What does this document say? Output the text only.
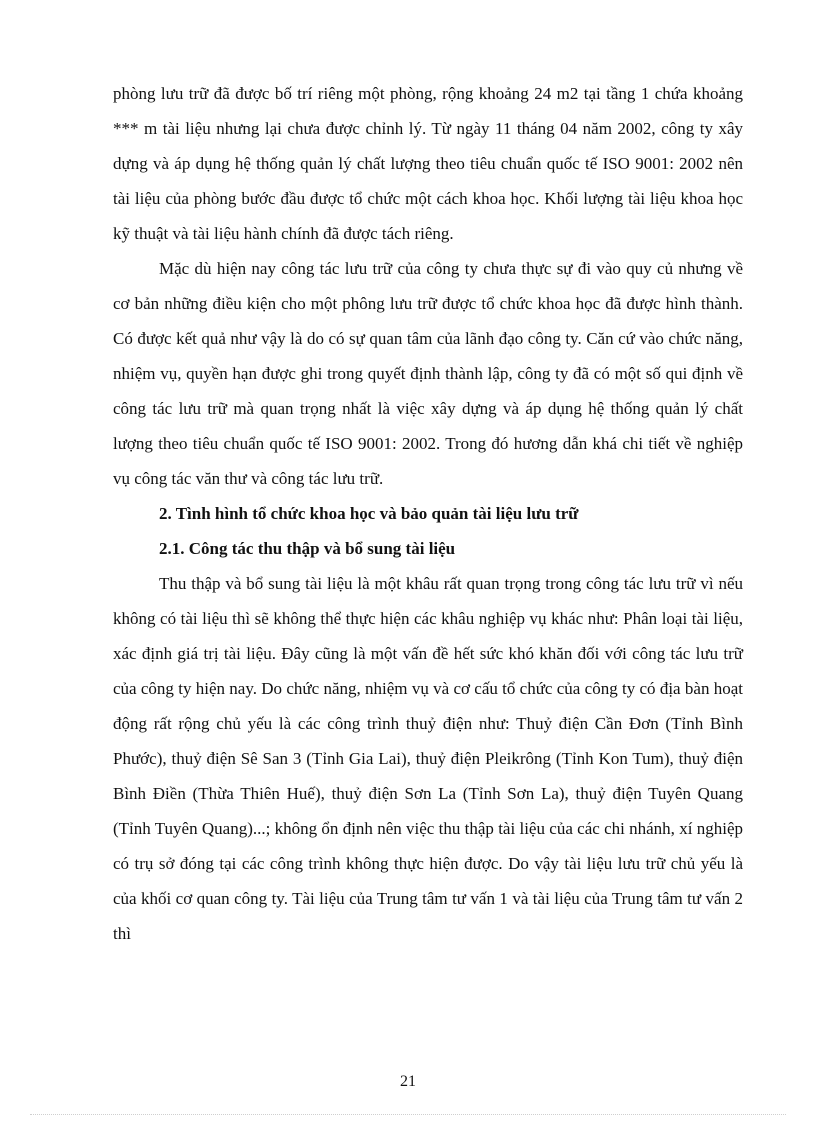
phòng lưu trữ đã được bố trí riêng một phòng, rộng khoảng 24 m2 tại tầng 1 chứa khoảng *** m tài liệu nhưng lại chưa được chỉnh lý. Từ ngày 11 tháng 04 năm 2002, công ty xây dựng và áp dụng hệ thống quản lý chất lượng theo tiêu chuẩn quốc tế ISO 9001: 2002 nên tài liệu của phòng bước đầu được tổ chức một cách khoa học. Khối lượng tài liệu khoa học kỹ thuật và tài liệu hành chính đã được tách riêng.

Mặc dù hiện nay công tác lưu trữ của công ty chưa thực sự đi vào quy củ nhưng về cơ bản những điều kiện cho một phông lưu trữ được tổ chức khoa học đã được hình thành. Có được kết quả như vậy là do có sự quan tâm của lãnh đạo công ty. Căn cứ vào chức năng, nhiệm vụ, quyền hạn được ghi trong quyết định thành lập, công ty đã có một số qui định về công tác lưu trữ mà quan trọng nhất là việc xây dựng và áp dụng hệ thống quản lý chất lượng theo tiêu chuẩn quốc tế ISO 9001: 2002. Trong đó hương dẫn khá chi tiết về nghiệp vụ công tác văn thư và công tác lưu trữ.

2. Tình hình tổ chức khoa học và bảo quản tài liệu lưu trữ
2.1. Công tác thu thập và bổ sung tài liệu

Thu thập và bổ sung tài liệu là một khâu rất quan trọng trong công tác lưu trữ vì nếu không có tài liệu thì sẽ không thể thực hiện các khâu nghiệp vụ khác như: Phân loại tài liệu, xác định giá trị tài liệu. Đây cũng là một vấn đề hết sức khó khăn đối với công tác lưu trữ của công ty hiện nay. Do chức năng, nhiệm vụ và cơ cấu tổ chức của công ty có địa bàn hoạt động rất rộng chủ yếu là các công trình thuỷ điện như: Thuỷ điện Cần Đơn (Tỉnh Bình Phước), thuỷ điện Sê San 3 (Tỉnh Gia Lai), thuỷ điện Pleikrông (Tỉnh Kon Tum), thuỷ điện Bình Điền (Thừa Thiên Huế), thuỷ điện Sơn La (Tỉnh Sơn La), thuỷ điện Tuyên Quang (Tỉnh Tuyên Quang)...; không ổn định nên việc thu thập tài liệu của các chi nhánh, xí nghiệp có trụ sở đóng tại các công trình không thực hiện được. Do vậy tài liệu lưu trữ chủ yếu là của khối cơ quan công ty. Tài liệu của Trung tâm tư vấn 1 và tài liệu của Trung tâm tư vấn 2 thì

21
